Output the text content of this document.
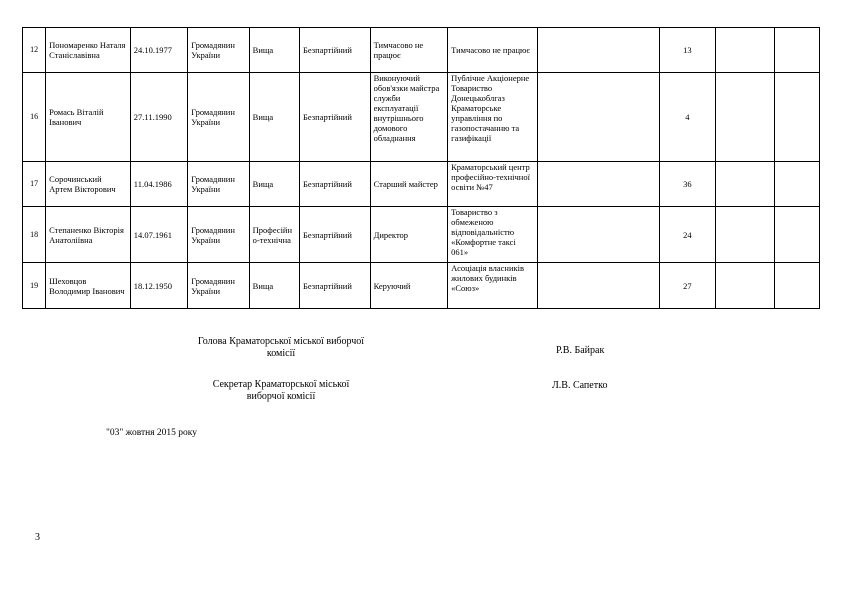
12	Пономаренко Наталя Станіславівна	24.10.1977	Громадянин України	Вища	Безпартійний	Тимчасово не працює	Тимчасово не працює		13		
16	Ромась Віталій Іванович	27.11.1990	Громадянин України	Вища	Безпартійний	Виконуючий обов'язки майстра служби експлуатації внутрішнього домового обладнання	Публічне Акціонерне Товариство Донецькоблгаз Краматорське управління по газопостачанню та газифікації		4		
17	Сорочинський Артем Вікторович	11.04.1986	Громадянин України	Вища	Безпартійний	Старший майстер	Краматорський центр професійно-технічної освіти №47		36		
18	Степаненко Вікторія Анатоліївна	14.07.1961	Громадянин України	Професійно-технічна	Безпартійний	Директор	Товариство з обмеженою відповідальністю «Комфортне таксі 061»		24		
19	Шеховцов Володимир Іванович	18.12.1950	Громадянин України	Вища	Безпартійний	Керуючий	Асоціація власників жилових будинків «Союз»		27		
Голова Краматорської міської виборчої комісії	Р.В. Байрак
Секретар Краматорської міської виборчої комісії
Л.В. Сапетко
"03" жовтня 2015 року
3
